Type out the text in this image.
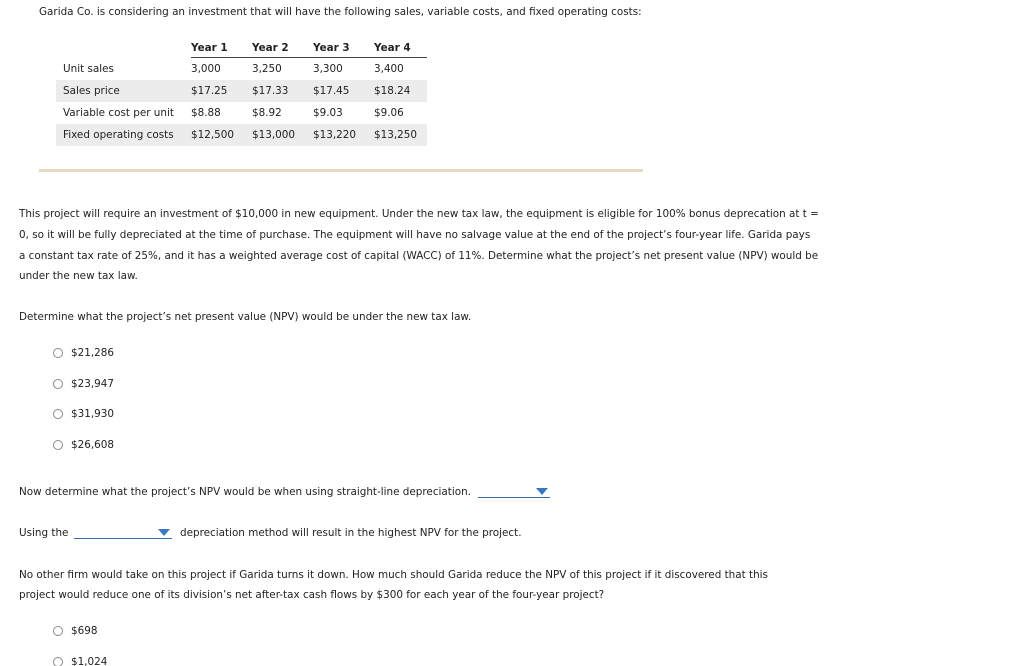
Garida Co. is considering an investment that will have the following sales, variable costs, and fixed operating costs:
	Year 1	Year 2	Year 3	Year 4
Unit sales	3,000	3,250	3,300	3,400
Sales price	$17.25	$17.33	$17.45	$18.24
Variable cost per unit	$8.88	$8.92	$9.03	$9.06
Fixed operating costs	$12,500	$13,000	$13,220	$13,250
This project will require an investment of $10,000 in new equipment. Under the new tax law, the equipment is eligible for 100% bonus deprecation at t = 0, so it will be fully depreciated at the time of purchase. The equipment will have no salvage value at the end of the project’s four-year life. Garida pays a constant tax rate of 25%, and it has a weighted average cost of capital (WACC) of 11%. Determine what the project’s net present value (NPV) would be under the new tax law.
Determine what the project’s net present value (NPV) would be under the new tax law.
$21,286
$23,947
$31,930
$26,608
Now determine what the project’s NPV would be when using straight-line depreciation.
Using the	depreciation method will result in the highest NPV for the project.
No other firm would take on this project if Garida turns it down. How much should Garida reduce the NPV of this project if it discovered that this
project would reduce one of its division’s net after-tax cash flows by $300 for each year of the four-year project?
$698
$1,024
